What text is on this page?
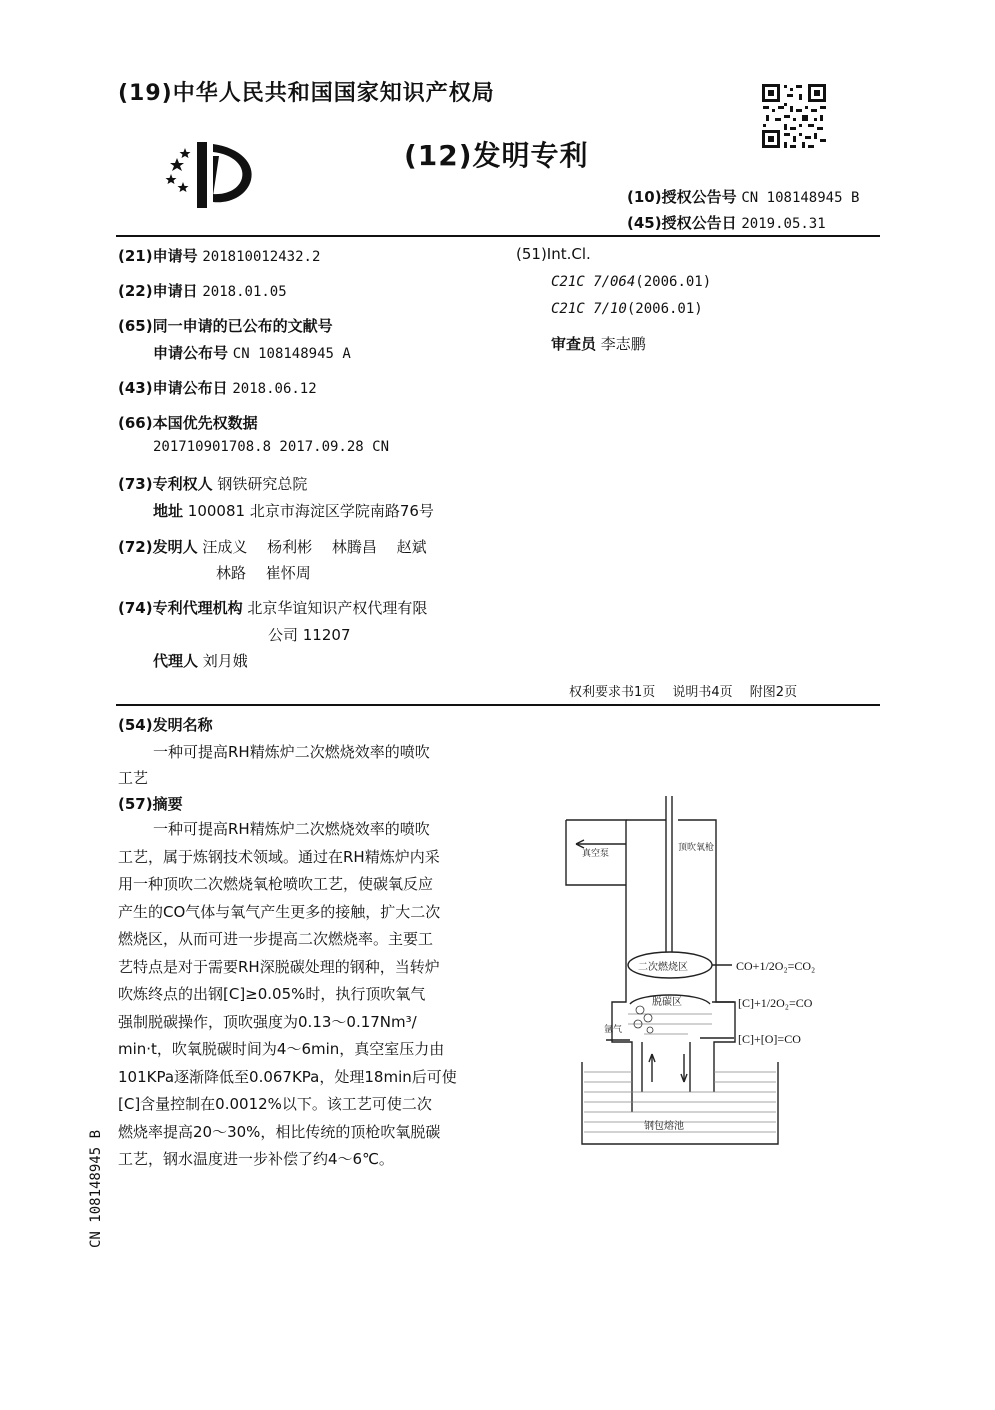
(19)中华人民共和国国家知识产权局
(12)发明专利
(10)授权公告号 CN 108148945 B
(45)授权公告日 2019.05.31
(21)申请号 201810012432.2
(22)申请日 2018.01.05
(65)同一申请的已公布的文献号
申请公布号 CN 108148945 A
(43)申请公布日 2018.06.12
(66)本国优先权数据
201710901708.8 2017.09.28 CN
(73)专利权人 钢铁研究总院
地址 100081 北京市海淀区学院南路76号
(72)发明人 汪成义　 杨利彬　 林腾昌　 赵斌
林路　 崔怀周
(74)专利代理机构 北京华谊知识产权代理有限
公司 11207
代理人 刘月娥
(51)Int.Cl.
C21C 7/064(2006.01)
C21C 7/10(2006.01)
审查员 李志鹏
权利要求书1页　 说明书4页　 附图2页
(54)发明名称
一种可提高RH精炼炉二次燃烧效率的喷吹
工艺
(57)摘要
一种可提高RH精炼炉二次燃烧效率的喷吹
工艺，属于炼钢技术领域。通过在RH精炼炉内采
用一种顶吹二次燃烧氧枪喷吹工艺，使碳氧反应
产生的CO气体与氧气产生更多的接触，扩大二次
燃烧区，从而可进一步提高二次燃烧率。主要工
艺特点是对于需要RH深脱碳处理的钢种，当转炉
吹炼终点的出钢[C]≥0.05%时，执行顶吹氧气
强制脱碳操作，顶吹强度为0.13～0.17Nm³/
min·t，吹氧脱碳时间为4～6min，真空室压力由
101KPa逐渐降低至0.067KPa，处理18min后可使
[C]含量控制在0.0012%以下。该工艺可使二次
燃烧率提高20～30%，相比传统的顶枪吹氧脱碳
工艺，钢水温度进一步补偿了约4～6℃。
真空泵
顶吹氧枪
二次燃烧区
脱碳区
氩气
钢包熔池
CO+1/2O₂=CO₂
[C]+1/2O₂=CO
[C]+[O]=CO
CN 108148945 B
